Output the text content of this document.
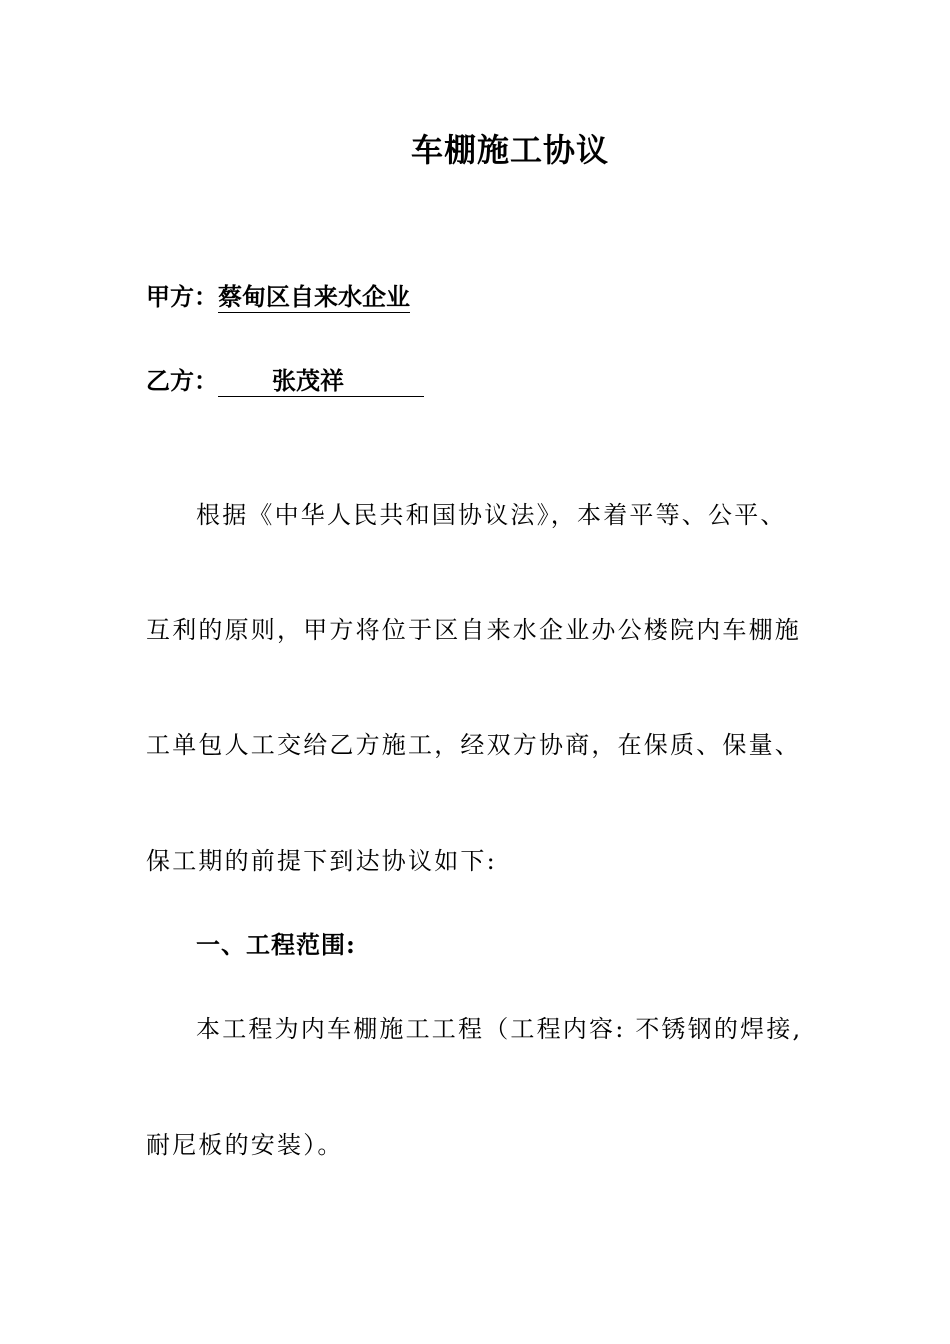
车棚施工协议
甲方：蔡甸区自来水企业
乙方： 张茂祥
根据《中华人民共和国协议法》，本着平等、公平、
互利的原则，甲方将位于区自来水企业办公楼院内车棚施
工单包人工交给乙方施工，经双方协商，在保质、保量、
保工期的前提下到达协议如下:
一、工程范围:
本工程为内车棚施工工程（工程内容: 不锈钢的焊接,
耐尼板的安装）。
